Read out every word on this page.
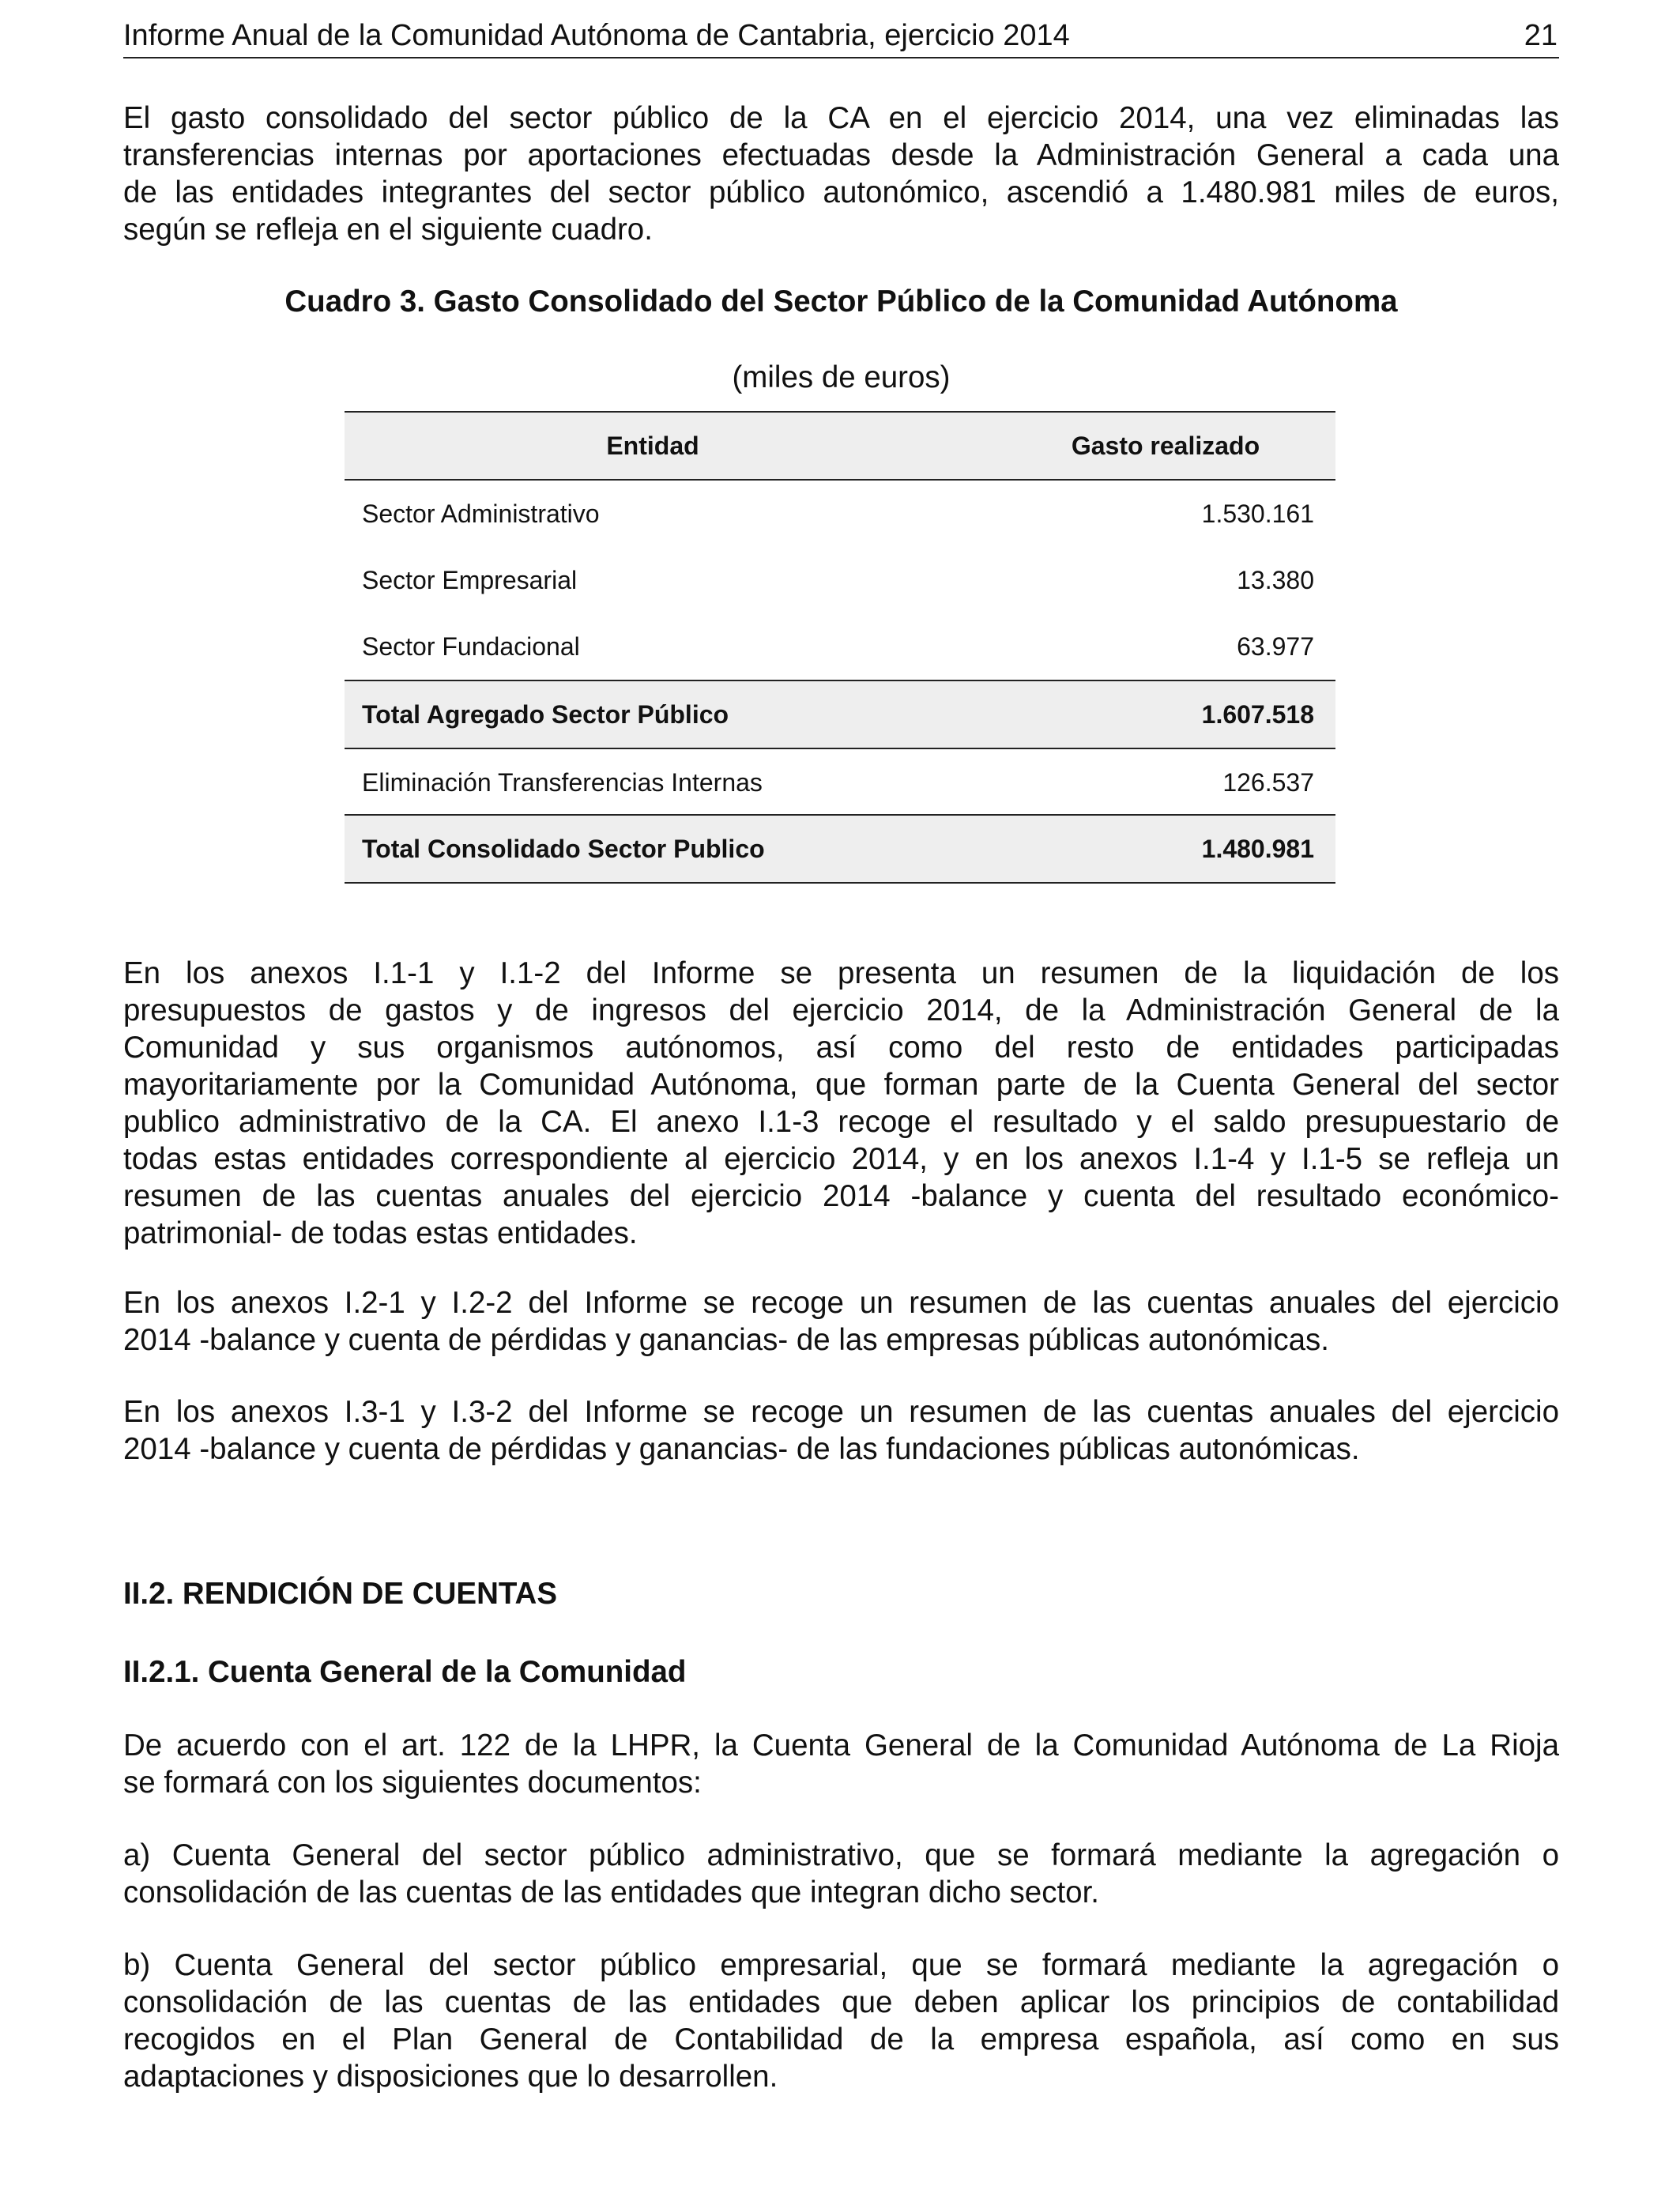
Informe Anual de la Comunidad Autónoma de Cantabria, ejercicio 2014	21
El gasto consolidado del sector público de la CA en el ejercicio 2014, una vez eliminadas las
transferencias internas por aportaciones efectuadas desde la Administración General a cada una
de las entidades integrantes del sector público autonómico, ascendió a 1.480.981 miles de euros,
según se refleja en el siguiente cuadro.
Cuadro 3. Gasto Consolidado del Sector Público de la Comunidad Autónoma
(miles de euros)
Entidad	Gasto realizado
Sector Administrativo	1.530.161
Sector Empresarial	13.380
Sector Fundacional	63.977
Total Agregado Sector Público	1.607.518
Eliminación Transferencias Internas	126.537
Total Consolidado Sector Publico	1.480.981
En los anexos I.1-1 y I.1-2 del Informe se presenta un resumen de la liquidación de los
presupuestos de gastos y de ingresos del ejercicio 2014, de la Administración General de la
Comunidad y sus organismos autónomos, así como del resto de entidades participadas
mayoritariamente por la Comunidad Autónoma, que forman parte de la Cuenta General del sector
publico administrativo de la CA. El anexo I.1-3 recoge el resultado y el saldo presupuestario de
todas estas entidades correspondiente al ejercicio 2014, y en los anexos I.1-4 y I.1-5 se refleja un
resumen de las cuentas anuales del ejercicio 2014 -balance y cuenta del resultado económico-
patrimonial- de todas estas entidades.
En los anexos I.2-1 y I.2-2 del Informe se recoge un resumen de las cuentas anuales del ejercicio
2014 -balance y cuenta de pérdidas y ganancias- de las empresas públicas autonómicas.
En los anexos I.3-1 y I.3-2 del Informe se recoge un resumen de las cuentas anuales del ejercicio
2014 -balance y cuenta de pérdidas y ganancias- de las fundaciones públicas autonómicas.
II.2. RENDICIÓN DE CUENTAS
II.2.1. Cuenta General de la Comunidad
De acuerdo con el art. 122 de la LHPR, la Cuenta General de la Comunidad Autónoma de La Rioja
se formará con los siguientes documentos:
a) Cuenta General del sector público administrativo, que se formará mediante la agregación o
consolidación de las cuentas de las entidades que integran dicho sector.
b) Cuenta General del sector público empresarial, que se formará mediante la agregación o
consolidación de las cuentas de las entidades que deben aplicar los principios de contabilidad
recogidos en el Plan General de Contabilidad de la empresa española, así como en sus
adaptaciones y disposiciones que lo desarrollen.
